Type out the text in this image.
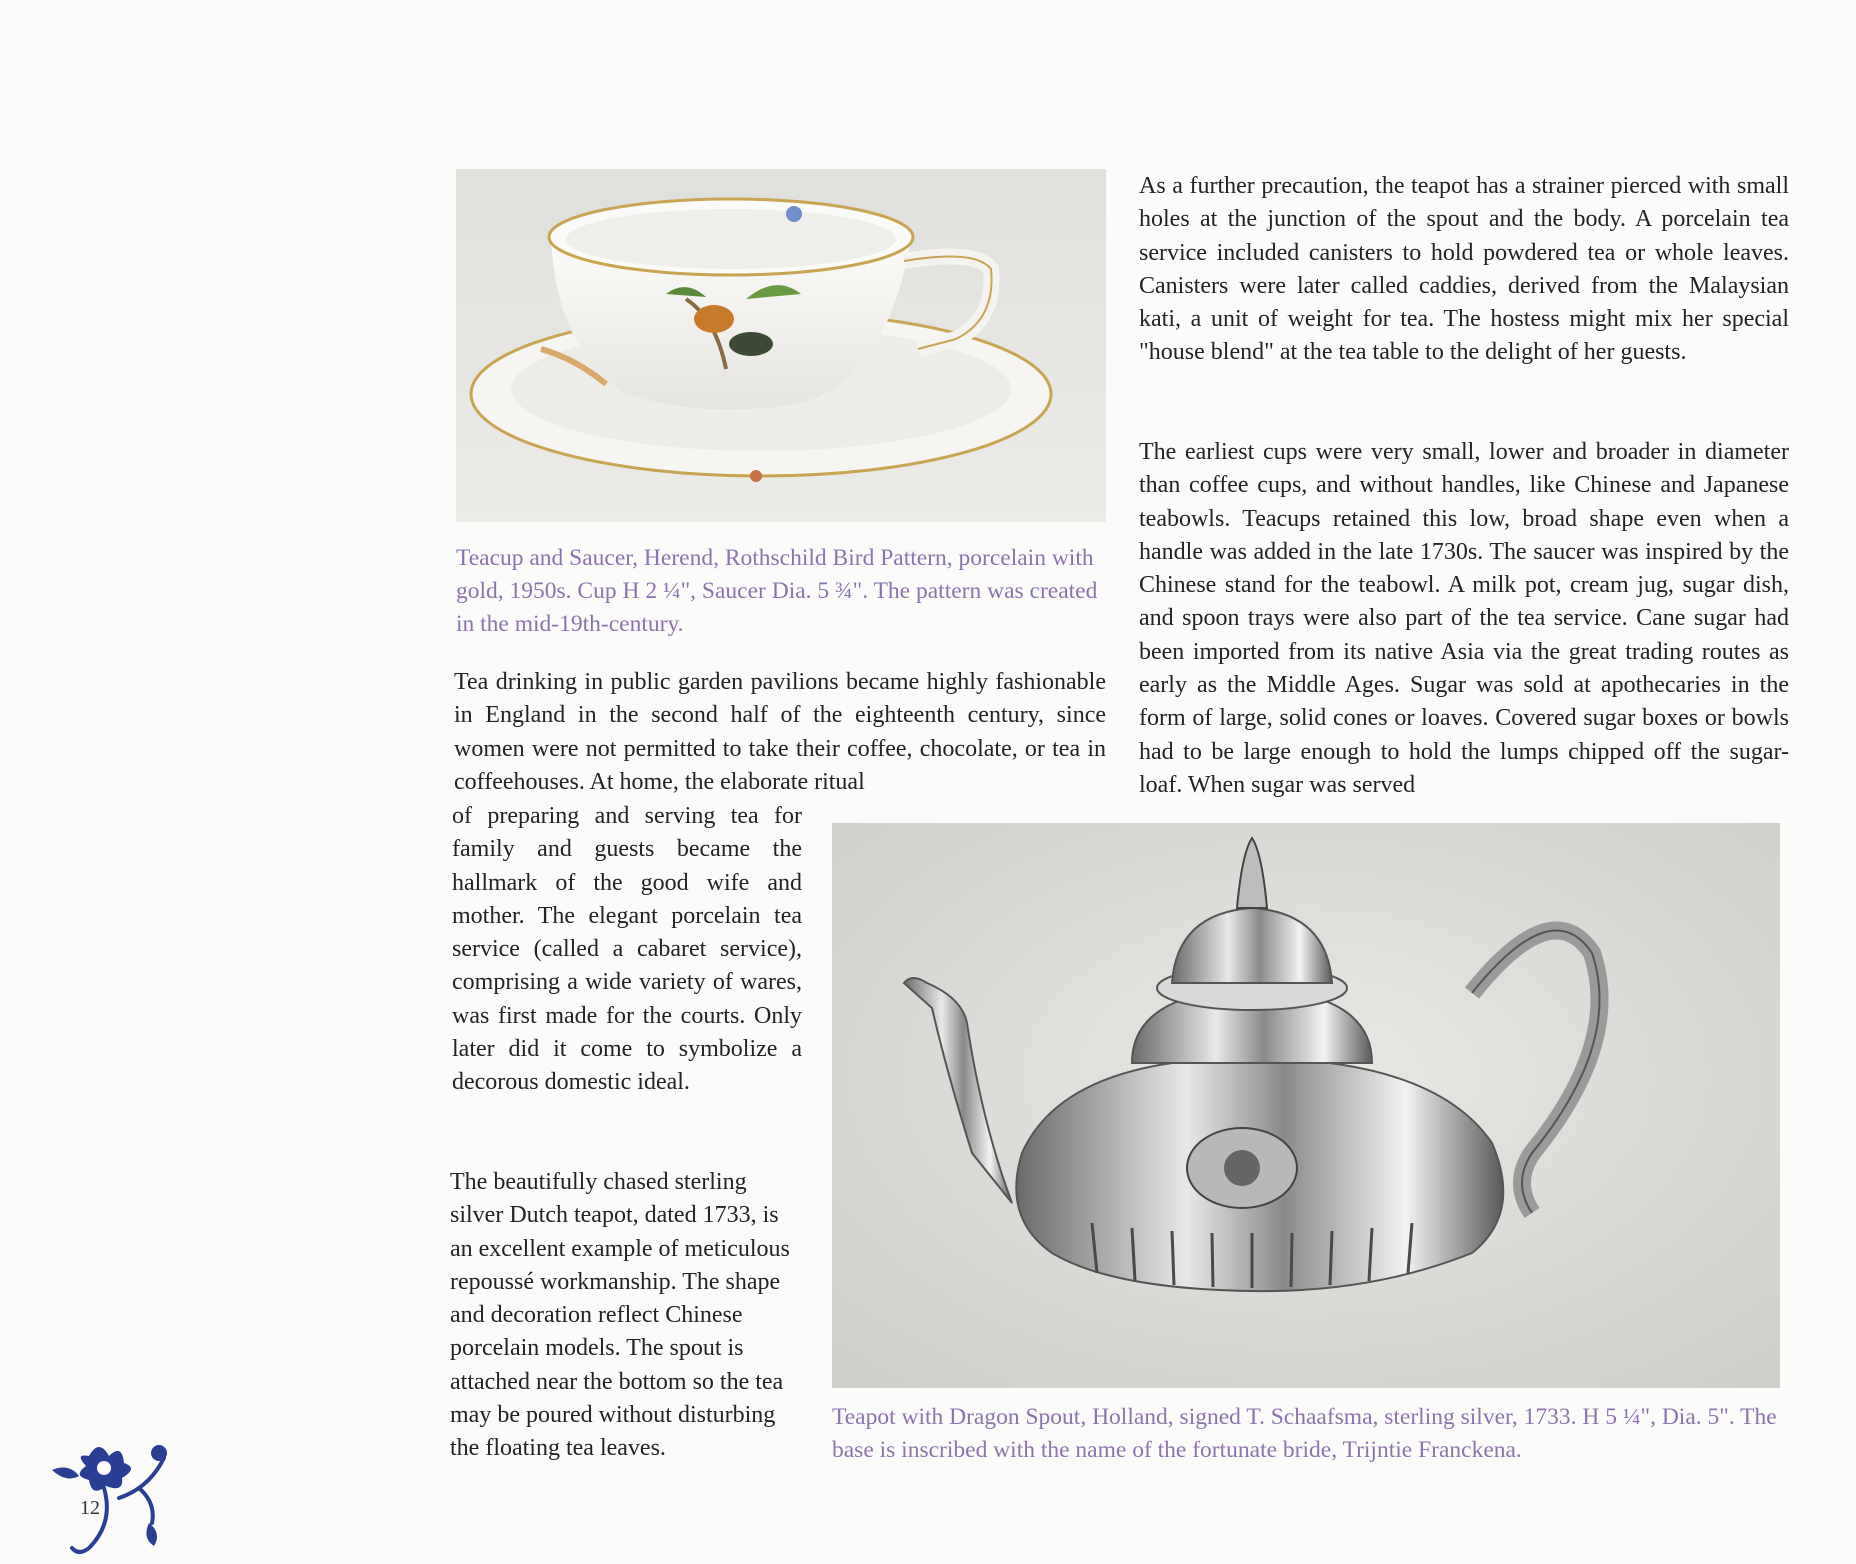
Teacup and Saucer, Herend, Rothschild Bird Pattern, porcelain with gold, 1950s. Cup H 2 ¼", Saucer Dia. 5 ¾". The pattern was created in the mid-19th-century.

As a further precaution, the teapot has a strainer pierced with small holes at the junction of the spout and the body. A porcelain tea service included canisters to hold powdered tea or whole leaves. Canisters were later called caddies, derived from the Malaysian kati, a unit of weight for tea. The hostess might mix her special "house blend" at the tea table to the delight of her guests.

The earliest cups were very small, lower and broader in diameter than coffee cups, and without handles, like Chinese and Japanese teabowls. Teacups retained this low, broad shape even when a handle was added in the late 1730s. The saucer was inspired by the Chinese stand for the teabowl. A milk pot, cream jug, sugar dish, and spoon trays were also part of the tea service. Cane sugar had been imported from its native Asia via the great trading routes as early as the Middle Ages. Sugar was sold at apothecaries in the form of large, solid cones or loaves. Covered sugar boxes or bowls had to be large enough to hold the lumps chipped off the sugar-loaf. When sugar was served

Tea drinking in public garden pavilions became highly fashionable in England in the second half of the eighteenth century, since women were not permitted to take their coffee, chocolate, or tea in coffeehouses. At home, the elaborate ritual

of preparing and serving tea for family and guests became the hallmark of the good wife and mother. The elegant porcelain tea service (called a cabaret service), comprising a wide variety of wares, was first made for the courts. Only later did it come to symbolize a decorous domestic ideal.

The beautifully chased sterling silver Dutch teapot, dated 1733, is an excellent example of meticulous repoussé workmanship. The shape and decoration reflect Chinese porcelain models. The spout is attached near the bottom so the tea may be poured without disturbing the floating tea leaves.

Teapot with Dragon Spout, Holland, signed T. Schaafsma, sterling silver, 1733. H 5 ¼", Dia. 5". The base is inscribed with the name of the fortunate bride, Trijntie Franckena.

12
